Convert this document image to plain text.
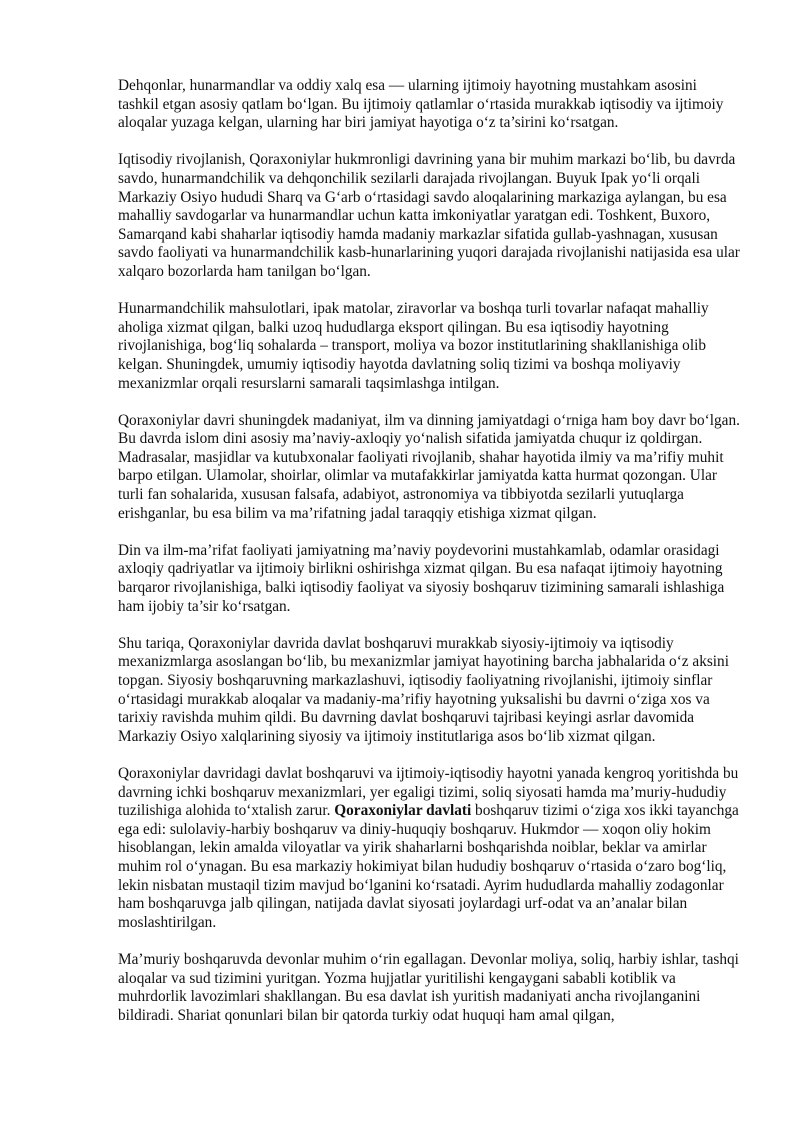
Dehqonlar, hunarmandlar va oddiy xalq esa — ularning ijtimoiy hayotning mustahkam asosini tashkil etgan asosiy qatlam bo‘lgan. Bu ijtimoiy qatlamlar o‘rtasida murakkab iqtisodiy va ijtimoiy aloqalar yuzaga kelgan, ularning har biri jamiyat hayotiga o‘z ta’sirini ko‘rsatgan.

Iqtisodiy rivojlanish, Qoraxoniylar hukmronligi davrining yana bir muhim markazi bo‘lib, bu davrda savdo, hunarmandchilik va dehqonchilik sezilarli darajada rivojlangan. Buyuk Ipak yo‘li orqali Markaziy Osiyo hududi Sharq va G‘arb o‘rtasidagi savdo aloqalarining markaziga aylangan, bu esa mahalliy savdogarlar va hunarmandlar uchun katta imkoniyatlar yaratgan edi. Toshkent, Buxoro, Samarqand kabi shaharlar iqtisodiy hamda madaniy markazlar sifatida gullab-yashnagan, xususan savdo faoliyati va hunarmandchilik kasb-hunarlarining yuqori darajada rivojlanishi natijasida esa ular xalqaro bozorlarda ham tanilgan bo‘lgan.

Hunarmandchilik mahsulotlari, ipak matolar, ziravorlar va boshqa turli tovarlar nafaqat mahalliy aholiga xizmat qilgan, balki uzoq hududlarga eksport qilingan. Bu esa iqtisodiy hayotning rivojlanishiga, bog‘liq sohalarda – transport, moliya va bozor institutlarining shakllanishiga olib kelgan. Shuningdek, umumiy iqtisodiy hayotda davlatning soliq tizimi va boshqa moliyaviy mexanizmlar orqali resurslarni samarali taqsimlashga intilgan.

Qoraxoniylar davri shuningdek madaniyat, ilm va dinning jamiyatdagi o‘rniga ham boy davr bo‘lgan. Bu davrda islom dini asosiy ma’naviy-axloqiy yo‘nalish sifatida jamiyatda chuqur iz qoldirgan. Madrasalar, masjidlar va kutubxonalar faoliyati rivojlanib, shahar hayotida ilmiy va ma’rifiy muhit barpo etilgan. Ulamolar, shoirlar, olimlar va mutafakkirlar jamiyatda katta hurmat qozongan. Ular turli fan sohalarida, xususan falsafa, adabiyot, astronomiya va tibbiyotda sezilarli yutuqlarga erishganlar, bu esa bilim va ma’rifatning jadal taraqqiy etishiga xizmat qilgan.

Din va ilm-ma’rifat faoliyati jamiyatning ma’naviy poydevorini mustahkamlab, odamlar orasidagi axloqiy qadriyatlar va ijtimoiy birlikni oshirishga xizmat qilgan. Bu esa nafaqat ijtimoiy hayotning barqaror rivojlanishiga, balki iqtisodiy faoliyat va siyosiy boshqaruv tizimining samarali ishlashiga ham ijobiy ta’sir ko‘rsatgan.

Shu tariqa, Qoraxoniylar davrida davlat boshqaruvi murakkab siyosiy-ijtimoiy va iqtisodiy mexanizmlarga asoslangan bo‘lib, bu mexanizmlar jamiyat hayotining barcha jabhalarida o‘z aksini topgan. Siyosiy boshqaruvning markazlashuvi, iqtisodiy faoliyatning rivojlanishi, ijtimoiy sinflar o‘rtasidagi murakkab aloqalar va madaniy-ma’rifiy hayotning yuksalishi bu davrni o‘ziga xos va tarixiy ravishda muhim qildi. Bu davrning davlat boshqaruvi tajribasi keyingi asrlar davomida Markaziy Osiyo xalqlarining siyosiy va ijtimoiy institutlariga asos bo‘lib xizmat qilgan.

Qoraxoniylar davridagi davlat boshqaruvi va ijtimoiy-iqtisodiy hayotni yanada kengroq yoritishda bu davrning ichki boshqaruv mexanizmlari, yer egaligi tizimi, soliq siyosati hamda ma’muriy-hududiy tuzilishiga alohida to‘xtalish zarur. Qoraxoniylar davlati boshqaruv tizimi o‘ziga xos ikki tayanchga ega edi: sulolaviy-harbiy boshqaruv va diniy-huquqiy boshqaruv. Hukmdor — xoqon oliy hokim hisoblangan, lekin amalda viloyatlar va yirik shaharlarni boshqarishda noiblar, beklar va amirlar muhim rol o‘ynagan. Bu esa markaziy hokimiyat bilan hududiy boshqaruv o‘rtasida o‘zaro bog‘liq, lekin nisbatan mustaqil tizim mavjud bo‘lganini ko‘rsatadi. Ayrim hududlarda mahalliy zodagonlar ham boshqaruvga jalb qilingan, natijada davlat siyosati joylardagi urf-odat va an’analar bilan moslashtirilgan.

Ma’muriy boshqaruvda devonlar muhim o‘rin egallagan. Devonlar moliya, soliq, harbiy ishlar, tashqi aloqalar va sud tizimini yuritgan. Yozma hujjatlar yuritilishi kengaygani sababli kotiblik va muhrdorlik lavozimlari shakllangan. Bu esa davlat ish yuritish madaniyati ancha rivojlanganini bildiradi. Shariat qonunlari bilan bir qatorda turkiy odat huquqi ham amal qilgan,
